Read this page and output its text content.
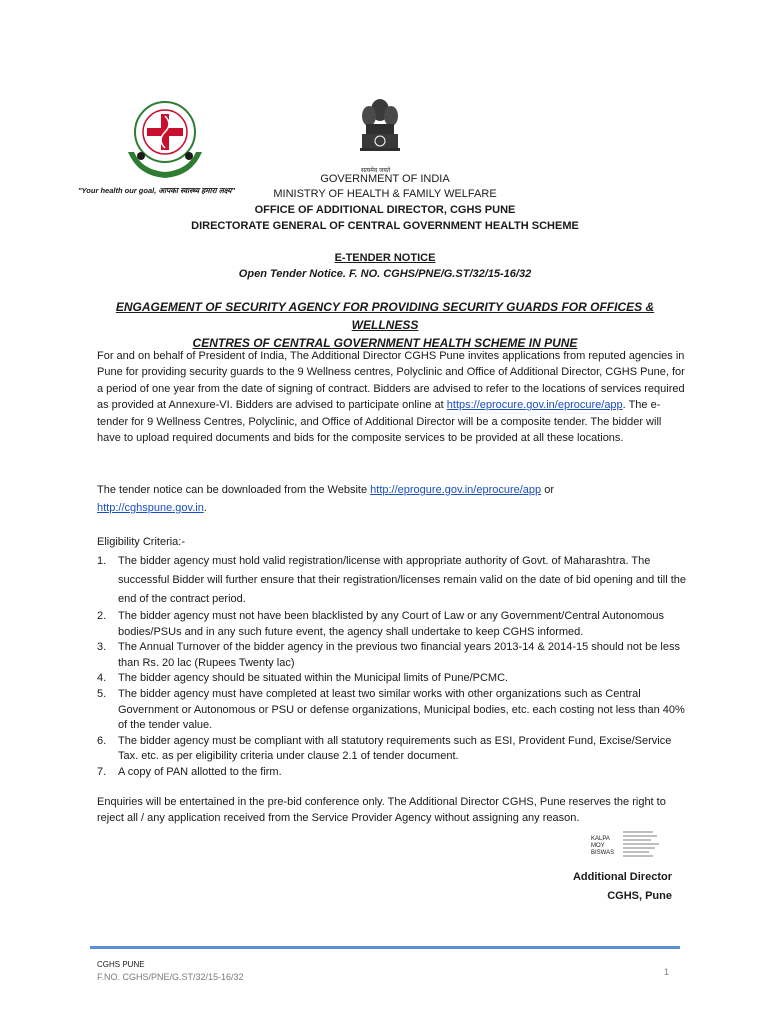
"Your health our goal, आपका स्वास्थ्य हमारा लक्ष्य"
सत्यमेव जयते
GOVERNMENT OF INDIA
MINISTRY OF HEALTH & FAMILY WELFARE
OFFICE OF ADDITIONAL DIRECTOR, CGHS PUNE
DIRECTORATE GENERAL OF CENTRAL GOVERNMENT HEALTH SCHEME
E-TENDER NOTICE
Open Tender Notice. F. NO. CGHS/PNE/G.ST/32/15-16/32
ENGAGEMENT OF SECURITY AGENCY FOR PROVIDING SECURITY GUARDS FOR OFFICES & WELLNESS
CENTRES OF CENTRAL GOVERNMENT HEALTH SCHEME IN PUNE
For and on behalf of President of India, The Additional Director CGHS Pune invites applications from reputed agencies in Pune for providing security guards to the 9 Wellness centres, Polyclinic and Office of Additional Director, CGHS Pune, for a period of one year from the date of signing of contract. Bidders are advised to refer to the locations of services required as provided at Annexure-VI. Bidders are advised to participate online at https://eprocure.gov.in/eprocure/app. The e-tender for 9 Wellness Centres, Polyclinic, and Office of Additional Director will be a composite tender. The bidder will have to upload required documents and bids for the composite services to be provided at all these locations.
The tender notice can be downloaded from the Website http://eprogure.gov.in/eprocure/app or
http://cghspune.gov.in.
Eligibility Criteria:-
1. The bidder agency must hold valid registration/license with appropriate authority of Govt. of Maharashtra. The successful Bidder will further ensure that their registration/licenses remain valid on the date of bid opening and till the end of the contract period.
2. The bidder agency must not have been blacklisted by any Court of Law or any Government/Central Autonomous bodies/PSUs and in any such future event, the agency shall undertake to keep CGHS informed.
3. The Annual Turnover of the bidder agency in the previous two financial years 2013-14 & 2014-15 should not be less than Rs. 20 lac (Rupees Twenty lac)
4. The bidder agency should be situated within the Municipal limits of Pune/PCMC.
5. The bidder agency must have completed at least two similar works with other organizations such as Central Government or Autonomous or PSU or defense organizations, Municipal bodies, etc. each costing not less than 40% of the tender value.
6. The bidder agency must be compliant with all statutory requirements such as ESI, Provident Fund, Excise/Service Tax. etc. as per eligibility criteria under clause 2.1 of tender document.
7. A copy of PAN allotted to the firm.
Enquiries will be entertained in the pre-bid conference only. The Additional Director CGHS, Pune reserves the right to reject all / any application received from the Service Provider Agency without assigning any reason.
KALPA
MOY
BISWAS
Additional Director
CGHS, Pune
CGHS PUNE
F.NO. CGHS/PNE/G.ST/32/15-16/32	1
